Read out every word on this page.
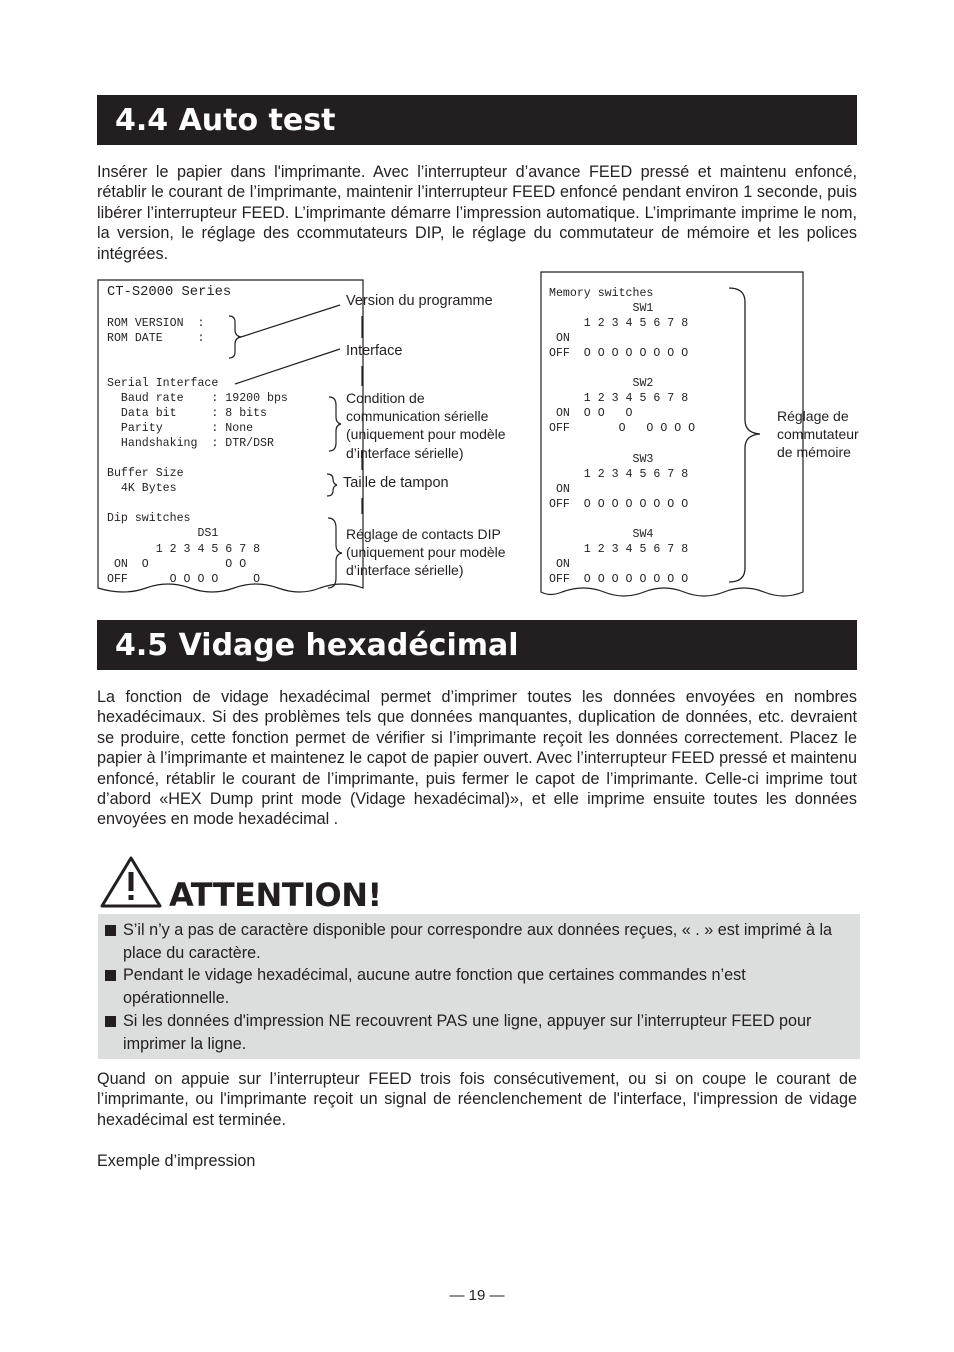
4.4 Auto test

Insérer le papier dans l'imprimante. Avec l’interrupteur d’avance FEED pressé et maintenu enfoncé, rétablir le courant de l’imprimante, maintenir l’interrupteur FEED enfoncé pendant environ 1 seconde, puis libérer l’interrupteur FEED. L’imprimante démarre l’impression automatique. L’imprimante imprime le nom, la version, le réglage des ccommutateurs DIP, le réglage du commutateur de mémoire et les polices intégrées.

CT-S2000 Series
ROM VERSION  :
ROM DATE     :
Serial Interface
Baud rate    : 19200 bps
Data bit     : 8 bits
Parity       : None
Handshaking  : DTR/DSR
Buffer Size
4K Bytes
Dip switches
DS1
1 2 3 4 5 6 7 8
ON  O           O O
OFF      O O O O     O
Version du programme
Interface
Condition de
communication sérielle
(uniquement pour modèle
d’interface sérielle)
Taille de tampon
Réglage de contacts DIP
(uniquement pour modèle
d’interface sérielle)
Memory switches
SW1
1 2 3 4 5 6 7 8
ON
OFF  O O O O O O O O
SW2
1 2 3 4 5 6 7 8
ON  O O   O
OFF       O   O O O O
SW3
1 2 3 4 5 6 7 8
ON
OFF  O O O O O O O O
SW4
1 2 3 4 5 6 7 8
ON
OFF  O O O O O O O O
Réglage de
commutateur
de mémoire
4.5 Vidage hexadécimal

La fonction de vidage hexadécimal permet d’imprimer toutes les données envoyées en nombres hexadécimaux. Si des problèmes tels que données manquantes, duplication de données, etc. devraient se produire, cette fonction permet de vérifier si l’imprimante reçoit les données correctement. Placez le papier à l’imprimante et maintenez le capot de papier ouvert. Avec l’interrupteur FEED pressé et maintenu enfoncé, rétablir le courant de l’imprimante, puis fermer le capot de l’imprimante. Celle-ci imprime tout d’abord «HEX Dump print mode (Vidage hexadécimal)», et elle imprime ensuite toutes les données envoyées en mode hexadécimal .

ATTENTION!
S’il n’y a pas de caractère disponible pour correspondre aux données reçues, « . » est imprimé à la place du caractère.
Pendant le vidage hexadécimal, aucune autre fonction que certaines commandes n’est opérationnelle.
Si les données d'impression NE recouvrent PAS une ligne, appuyer sur l’interrupteur FEED pour imprimer la ligne.

Quand on appuie sur l’interrupteur FEED trois fois consécutivement, ou si on coupe le courant de l’imprimante, ou l'imprimante reçoit un signal de réenclenchement de l'interface, l'impression de vidage hexadécimal est terminée.

Exemple d’impression
— 19 —
